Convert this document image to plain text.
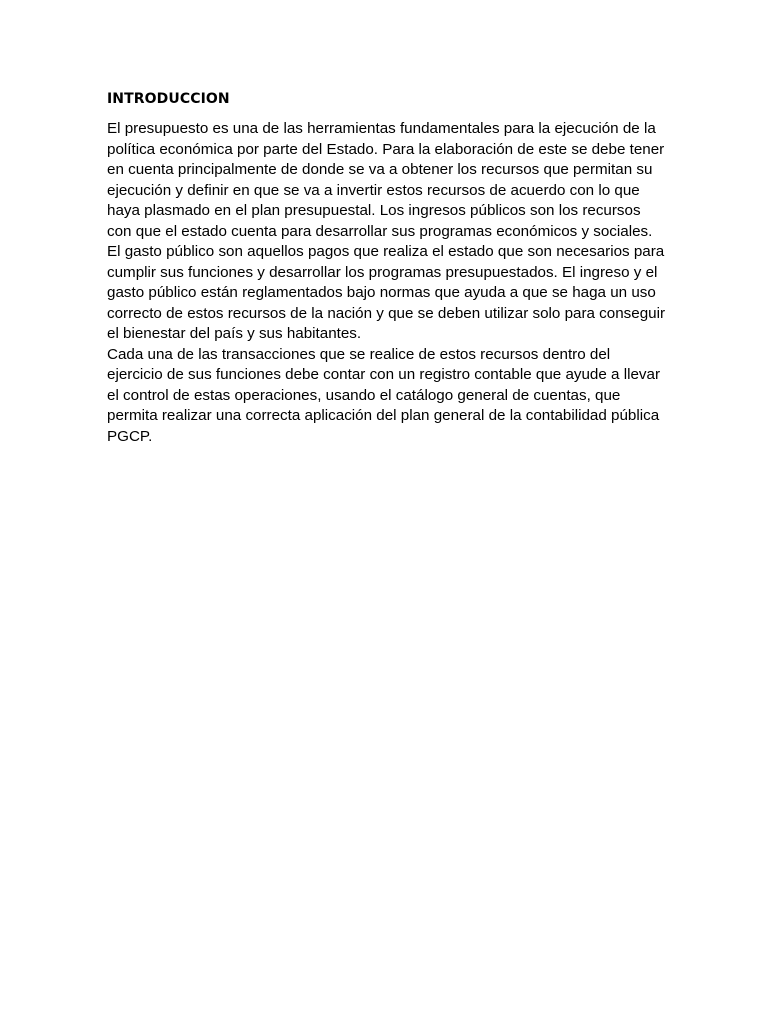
INTRODUCCION

El presupuesto es una de las herramientas fundamentales para la ejecución de la política económica por parte del Estado. Para la elaboración de este se debe tener en cuenta principalmente de donde se va a obtener los recursos que permitan su ejecución y definir en que se va a invertir estos recursos de acuerdo con lo que haya plasmado en el plan presupuestal. Los ingresos públicos son los recursos con que el estado cuenta para desarrollar sus programas económicos y sociales.

El gasto público son aquellos pagos que realiza el estado que son necesarios para cumplir sus funciones y desarrollar los programas presupuestados. El ingreso y el gasto público están reglamentados bajo normas que ayuda a que se haga un uso correcto de estos recursos de la nación y que se deben utilizar solo para conseguir el bienestar del país y sus habitantes.

Cada una de las transacciones que se realice de estos recursos dentro del ejercicio de sus funciones debe contar con un registro contable que ayude a llevar el control de estas operaciones, usando el catálogo general de cuentas, que permita realizar una correcta aplicación del plan general de la contabilidad pública PGCP.
